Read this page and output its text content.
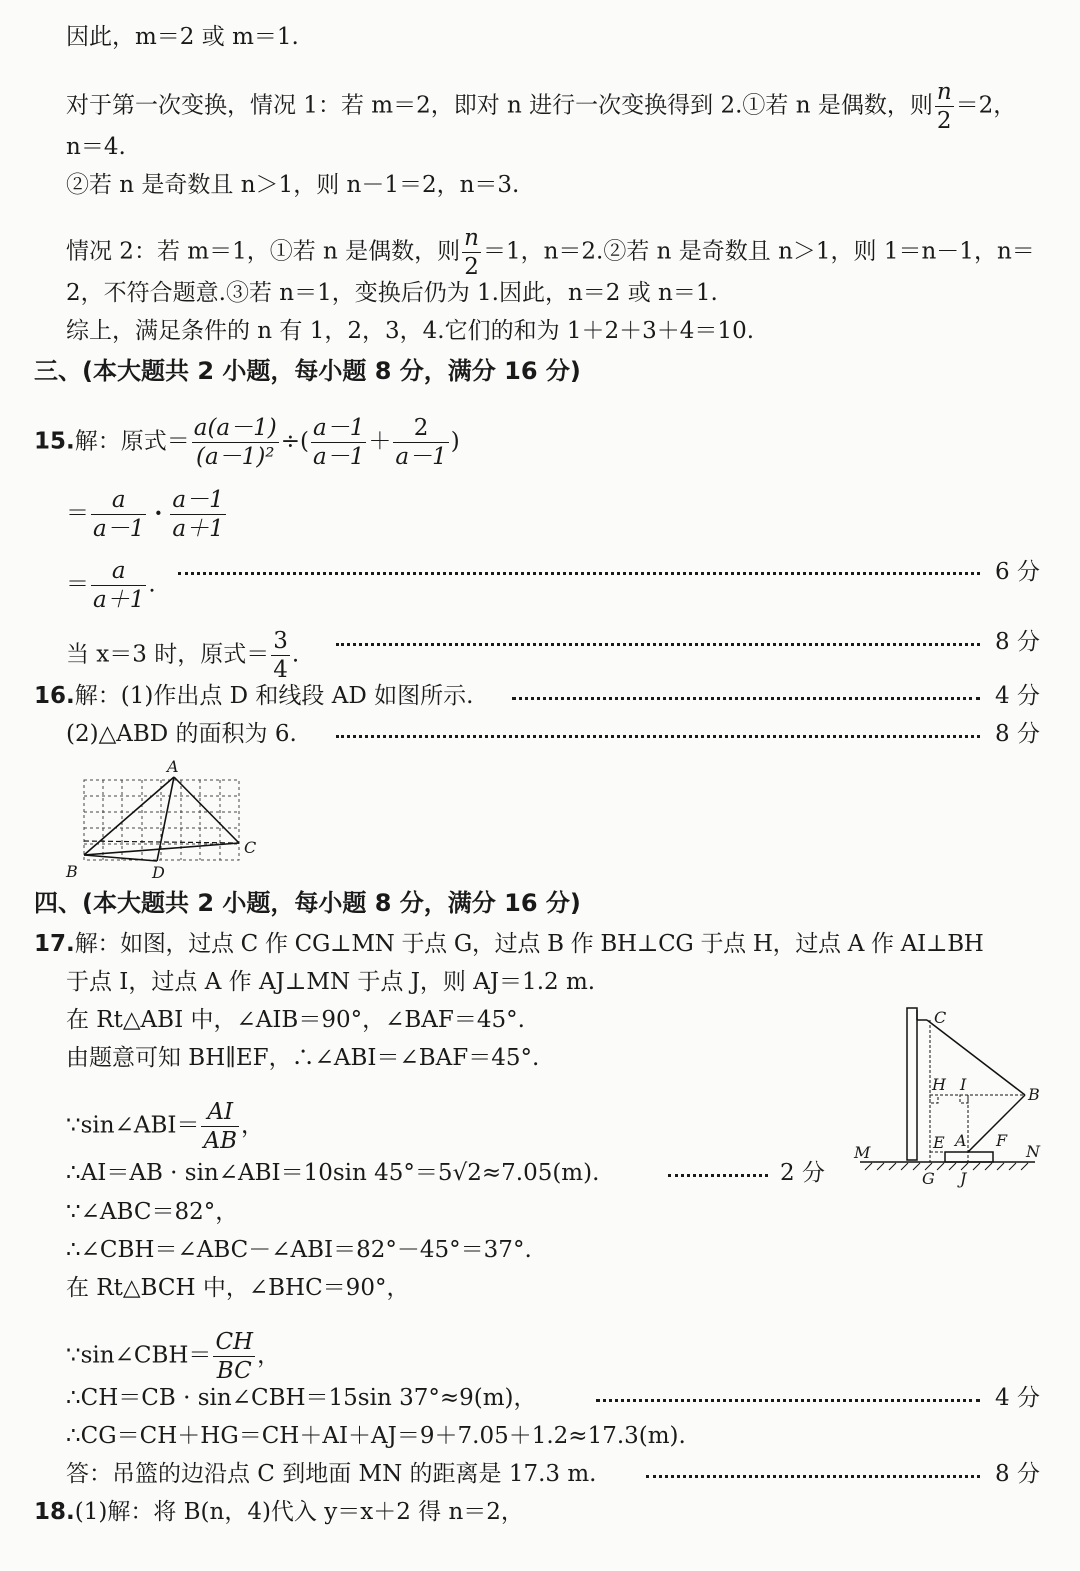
因此，m＝2 或 m＝1.
对于第一次变换，情况 1：若 m＝2，即对 n 进行一次变换得到 2.①若 n 是偶数，则 $\frac{n}{2} =2$，
n＝4.
②若 n 是奇数且 n＞1，则 n－1＝2，n＝3.
情况 2：若 m＝1，①若 n 是偶数，则 $\frac{n}{2} =1$，n＝2.②若 n 是奇数且 n＞1，则 1＝n－1，n＝
2，不符合题意.③若 n＝1，变换后仍为 1.因此，n＝2 或 n＝1.
综上，满足条件的 n 有 1，2，3，4.它们的和为 1＋2＋3＋4＝10.
三、(本大题共 2 小题，每小题 8 分，满分 16 分)
15.解：原式＝ $\frac{a(a-1)}{\text{(a－1)²}}$ ÷( $\frac{a-1}{a-1} + \frac{2}{a-1}$ )
＝ $\frac{a}{a-1} \cdot \frac{a-1}{a+1}$
＝ $\frac{a}{a+1}$ .	6 分
当 x＝3 时，原式＝ $\frac{3}{4}$ .	8 分
16.解：(1)作出点 D 和线段 AD 如图所示.	4 分
(2)△ABD 的面积为 6.	8 分
A
B
C
D
四、(本大题共 2 小题，每小题 8 分，满分 16 分)
17.解：如图，过点 C 作 CG⊥MN 于点 G，过点 B 作 BH⊥CG 于点 H，过点 A 作 AI⊥BH
于点 I，过点 A 作 AJ⊥MN 于点 J，则 AJ＝1.2 m.
在 Rt△ABI 中，∠AIB＝90°，∠BAF＝45°.
由题意可知 BH∥EF，∴∠ABI＝∠BAF＝45°.
∵sin∠ABI＝ $\frac{AI}{AB}$ ，
∴AI＝AB · sin∠ABI＝10sin 45°＝5√2≈7.05(m).	2 分
∵∠ABC＝82°，
∴∠CBH＝∠ABC－∠ABI＝82°－45°＝37°.
在 Rt△BCH 中，∠BHC＝90°，
∵sin∠CBH＝ $\frac{CH}{BC}$ ，
∴CH＝CB · sin∠CBH＝15sin 37°≈9(m)，	4 分
∴CG＝CH＋HG＝CH＋AI＋AJ＝9＋7.05＋1.2≈17.3(m).
答：吊篮的边沿点 C 到地面 MN 的距离是 17.3 m.	8 分
C
H I
B
M
E A F
N
G J
18.(1)解：将 B(n，4)代入 y＝x＋2 得 n＝2，
